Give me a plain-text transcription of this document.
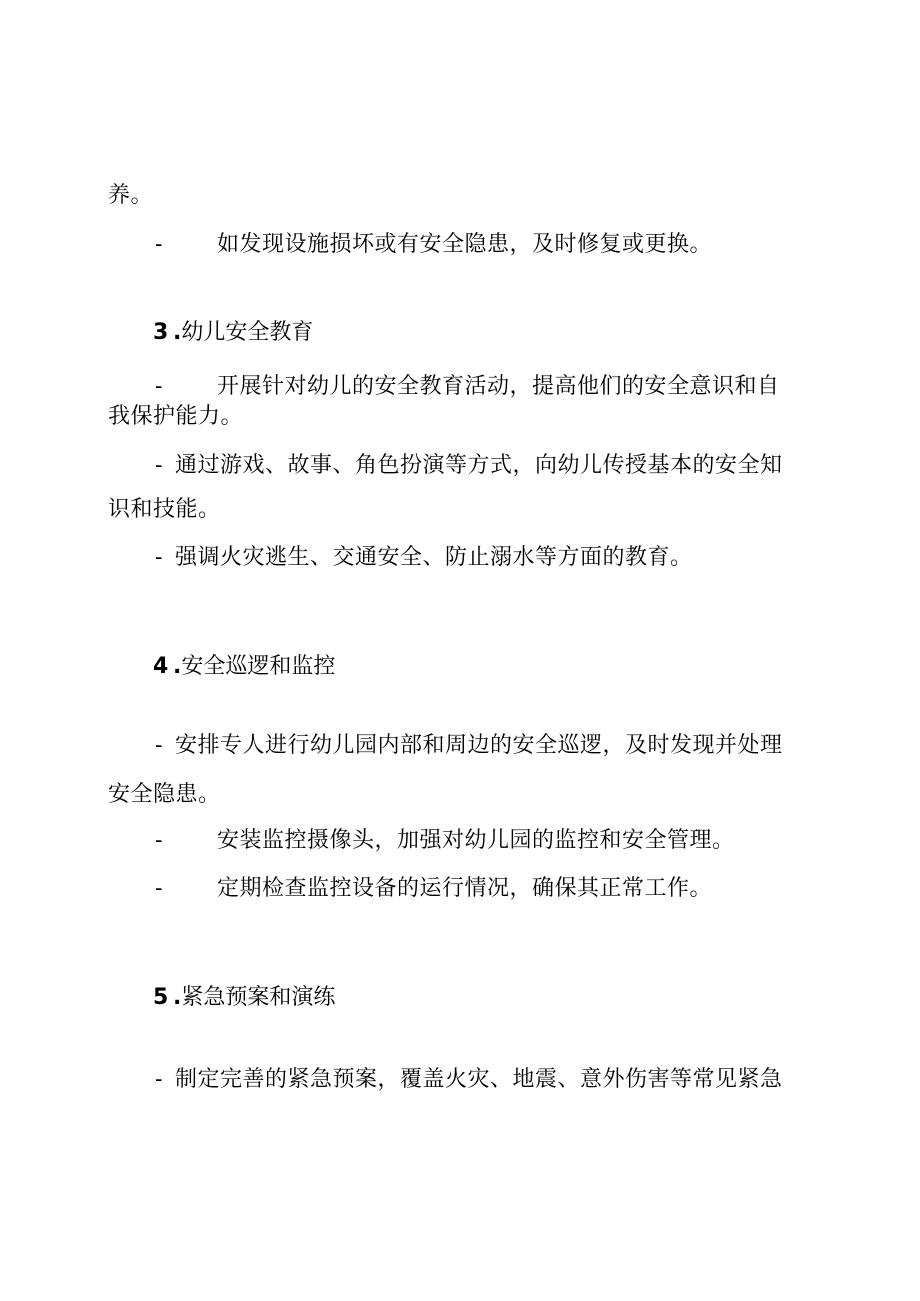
养。
- 如发现设施损坏或有安全隐患，及时修复或更换。
3 .幼儿安全教育
- 开展针对幼儿的安全教育活动，提高他们的安全意识和自
我保护能力。
- 通过游戏、故事、角色扮演等方式，向幼儿传授基本的安全知
识和技能。
- 强调火灾逃生、交通安全、防止溺水等方面的教育。
4 .安全巡逻和监控
- 安排专人进行幼儿园内部和周边的安全巡逻，及时发现并处理
安全隐患。
- 安装监控摄像头，加强对幼儿园的监控和安全管理。
- 定期检查监控设备的运行情况，确保其正常工作。
5 .紧急预案和演练
- 制定完善的紧急预案，覆盖火灾、地震、意外伤害等常见紧急
